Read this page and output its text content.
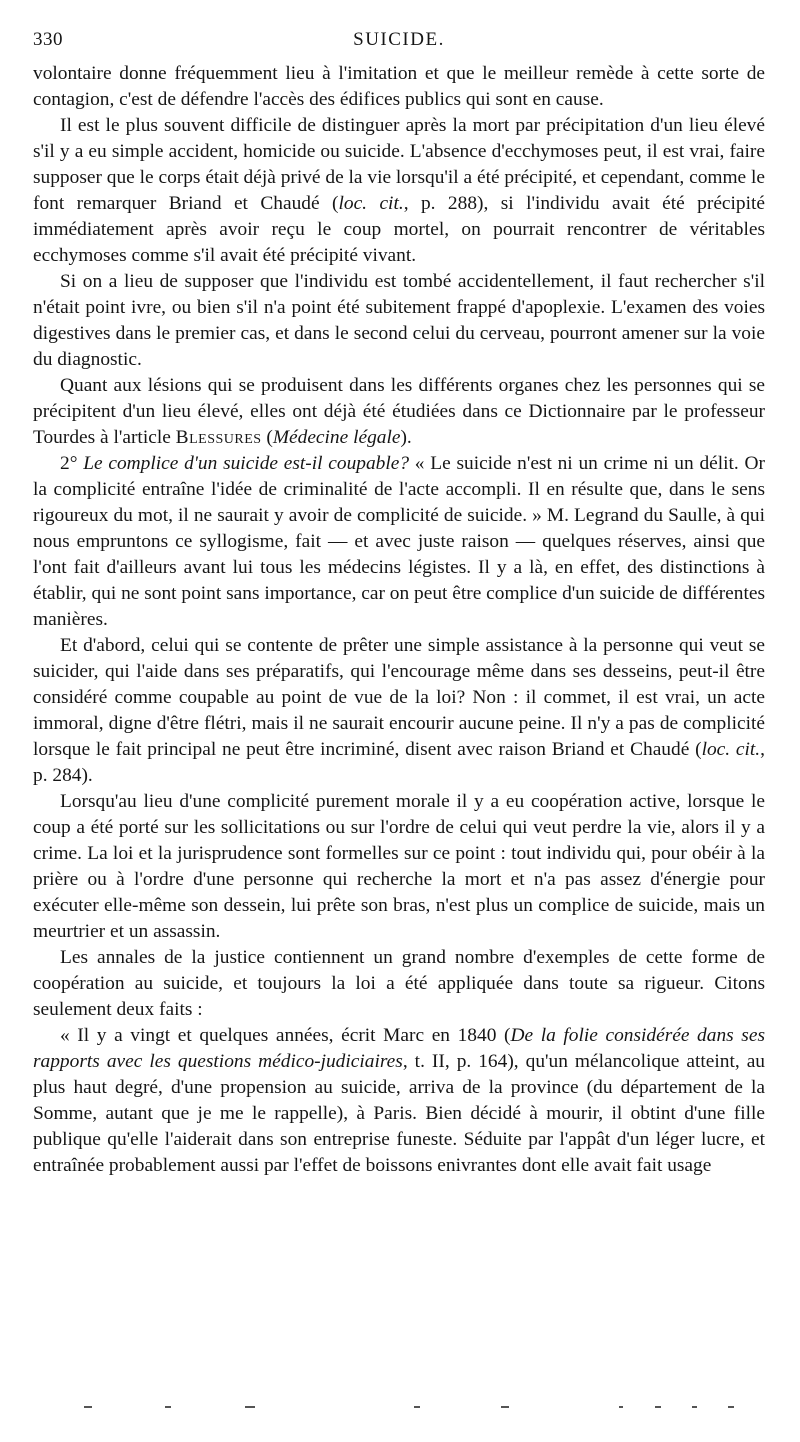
330	SUICIDE.

volontaire donne fréquemment lieu à l'imitation et que le meilleur remède à cette sorte de contagion, c'est de défendre l'accès des édifices publics qui sont en cause.

Il est le plus souvent difficile de distinguer après la mort par précipitation d'un lieu élevé s'il y a eu simple accident, homicide ou suicide. L'absence d'ecchymoses peut, il est vrai, faire supposer que le corps était déjà privé de la vie lorsqu'il a été précipité, et cependant, comme le font remarquer Briand et Chaudé (loc. cit., p. 288), si l'individu avait été précipité immédiatement après avoir reçu le coup mortel, on pourrait rencontrer de véritables ecchymoses comme s'il avait été précipité vivant.

Si on a lieu de supposer que l'individu est tombé accidentellement, il faut rechercher s'il n'était point ivre, ou bien s'il n'a point été subitement frappé d'apoplexie. L'examen des voies digestives dans le premier cas, et dans le second celui du cerveau, pourront amener sur la voie du diagnostic.

Quant aux lésions qui se produisent dans les différents organes chez les personnes qui se précipitent d'un lieu élevé, elles ont déjà été étudiées dans ce Dictionnaire par le professeur Tourdes à l'article Blessures (Médecine légale).

2° Le complice d'un suicide est-il coupable? « Le suicide n'est ni un crime ni un délit. Or la complicité entraîne l'idée de criminalité de l'acte accompli. Il en résulte que, dans le sens rigoureux du mot, il ne saurait y avoir de complicité de suicide. » M. Legrand du Saulle, à qui nous empruntons ce syllogisme, fait — et avec juste raison — quelques réserves, ainsi que l'ont fait d'ailleurs avant lui tous les médecins légistes. Il y a là, en effet, des distinctions à établir, qui ne sont point sans importance, car on peut être complice d'un suicide de différentes manières.

Et d'abord, celui qui se contente de prêter une simple assistance à la personne qui veut se suicider, qui l'aide dans ses préparatifs, qui l'encourage même dans ses desseins, peut-il être considéré comme coupable au point de vue de la loi? Non : il commet, il est vrai, un acte immoral, digne d'être flétri, mais il ne saurait encourir aucune peine. Il n'y a pas de complicité lorsque le fait principal ne peut être incriminé, disent avec raison Briand et Chaudé (loc. cit., p. 284).

Lorsqu'au lieu d'une complicité purement morale il y a eu coopération active, lorsque le coup a été porté sur les sollicitations ou sur l'ordre de celui qui veut perdre la vie, alors il y a crime. La loi et la jurisprudence sont formelles sur ce point : tout individu qui, pour obéir à la prière ou à l'ordre d'une personne qui recherche la mort et n'a pas assez d'énergie pour exécuter elle-même son dessein, lui prête son bras, n'est plus un complice de suicide, mais un meurtrier et un assassin.

Les annales de la justice contiennent un grand nombre d'exemples de cette forme de coopération au suicide, et toujours la loi a été appliquée dans toute sa rigueur. Citons seulement deux faits :

« Il y a vingt et quelques années, écrit Marc en 1840 (De la folie considérée dans ses rapports avec les questions médico-judiciaires, t. II, p. 164), qu'un mélancolique atteint, au plus haut degré, d'une propension au suicide, arriva de la province (du département de la Somme, autant que je me le rappelle), à Paris. Bien décidé à mourir, il obtint d'une fille publique qu'elle l'aiderait dans son entreprise funeste. Séduite par l'appât d'un léger lucre, et entraînée probablement aussi par l'effet de boissons enivrantes dont elle avait fait usage
